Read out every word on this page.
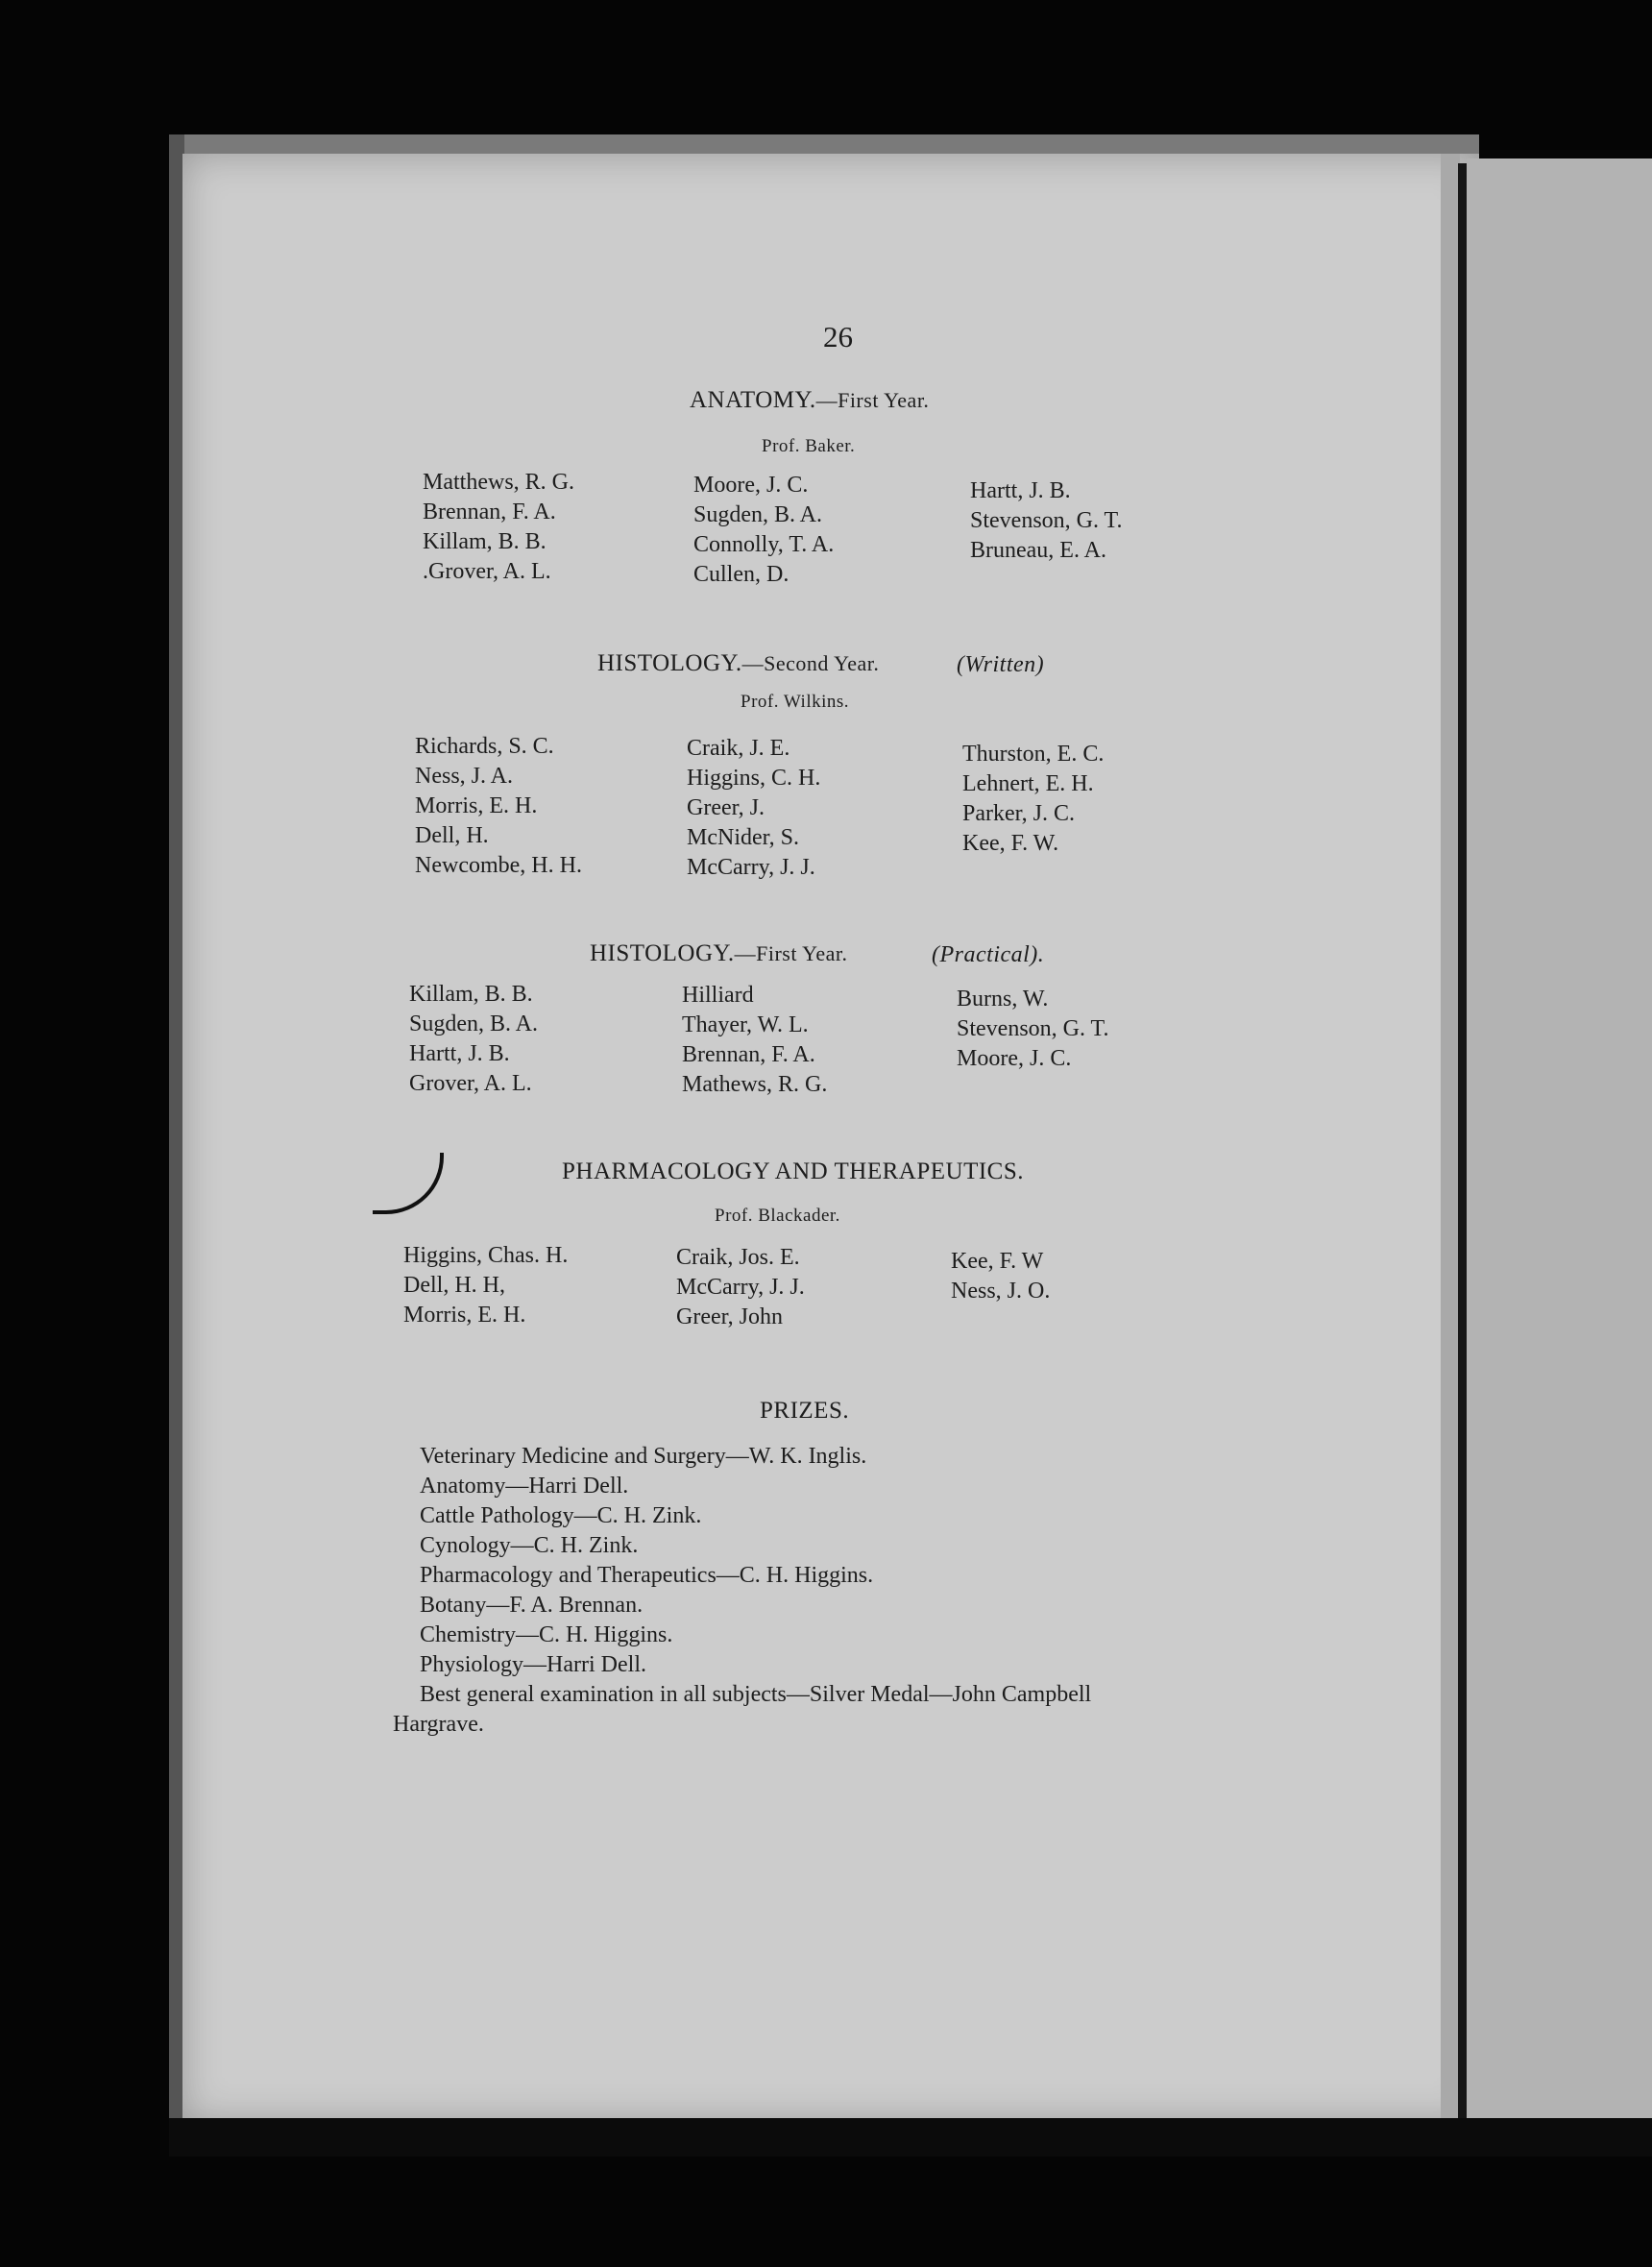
26
ANATOMY.—First Year.
Prof. Baker.
Matthews, R. G.
Brennan, F. A.
Killam, B. B.
.Grover, A. L.
Moore, J. C.
Sugden, B. A.
Connolly, T. A.
Cullen, D.
Hartt, J. B.
Stevenson, G. T.
Bruneau, E. A.
HISTOLOGY.—Second Year.	(Written)
Prof. Wilkins.
Richards, S. C.
Ness, J. A.
Morris, E. H.
Dell, H.
Newcombe, H. H.
Craik, J. E.
Higgins, C. H.
Greer, J.
McNider, S.
McCarry, J. J.
Thurston, E. C.
Lehnert, E. H.
Parker, J. C.
Kee, F. W.
HISTOLOGY.—First Year.	(Practical).
Killam, B. B.
Sugden, B. A.
Hartt, J. B.
Grover, A. L.
Hilliard
Thayer, W. L.
Brennan, F. A.
Mathews, R. G.
Burns, W.
Stevenson, G. T.
Moore, J. C.
PHARMACOLOGY AND THERAPEUTICS.
Prof. Blackader.
Higgins, Chas. H.
Dell, H. H,
Morris, E. H.
Craik, Jos. E.
McCarry, J. J.
Greer, John
Kee, F. W
Ness, J. O.
PRIZES.
Veterinary Medicine and Surgery—W. K. Inglis.
Anatomy—Harri Dell.
Cattle Pathology—C. H. Zink.
Cynology—C. H. Zink.
Pharmacology and Therapeutics—C. H. Higgins.
Botany—F. A. Brennan.
Chemistry—C. H. Higgins.
Physiology—Harri Dell.
Best general examination in all subjects—Silver Medal—John Campbell
Hargrave.
